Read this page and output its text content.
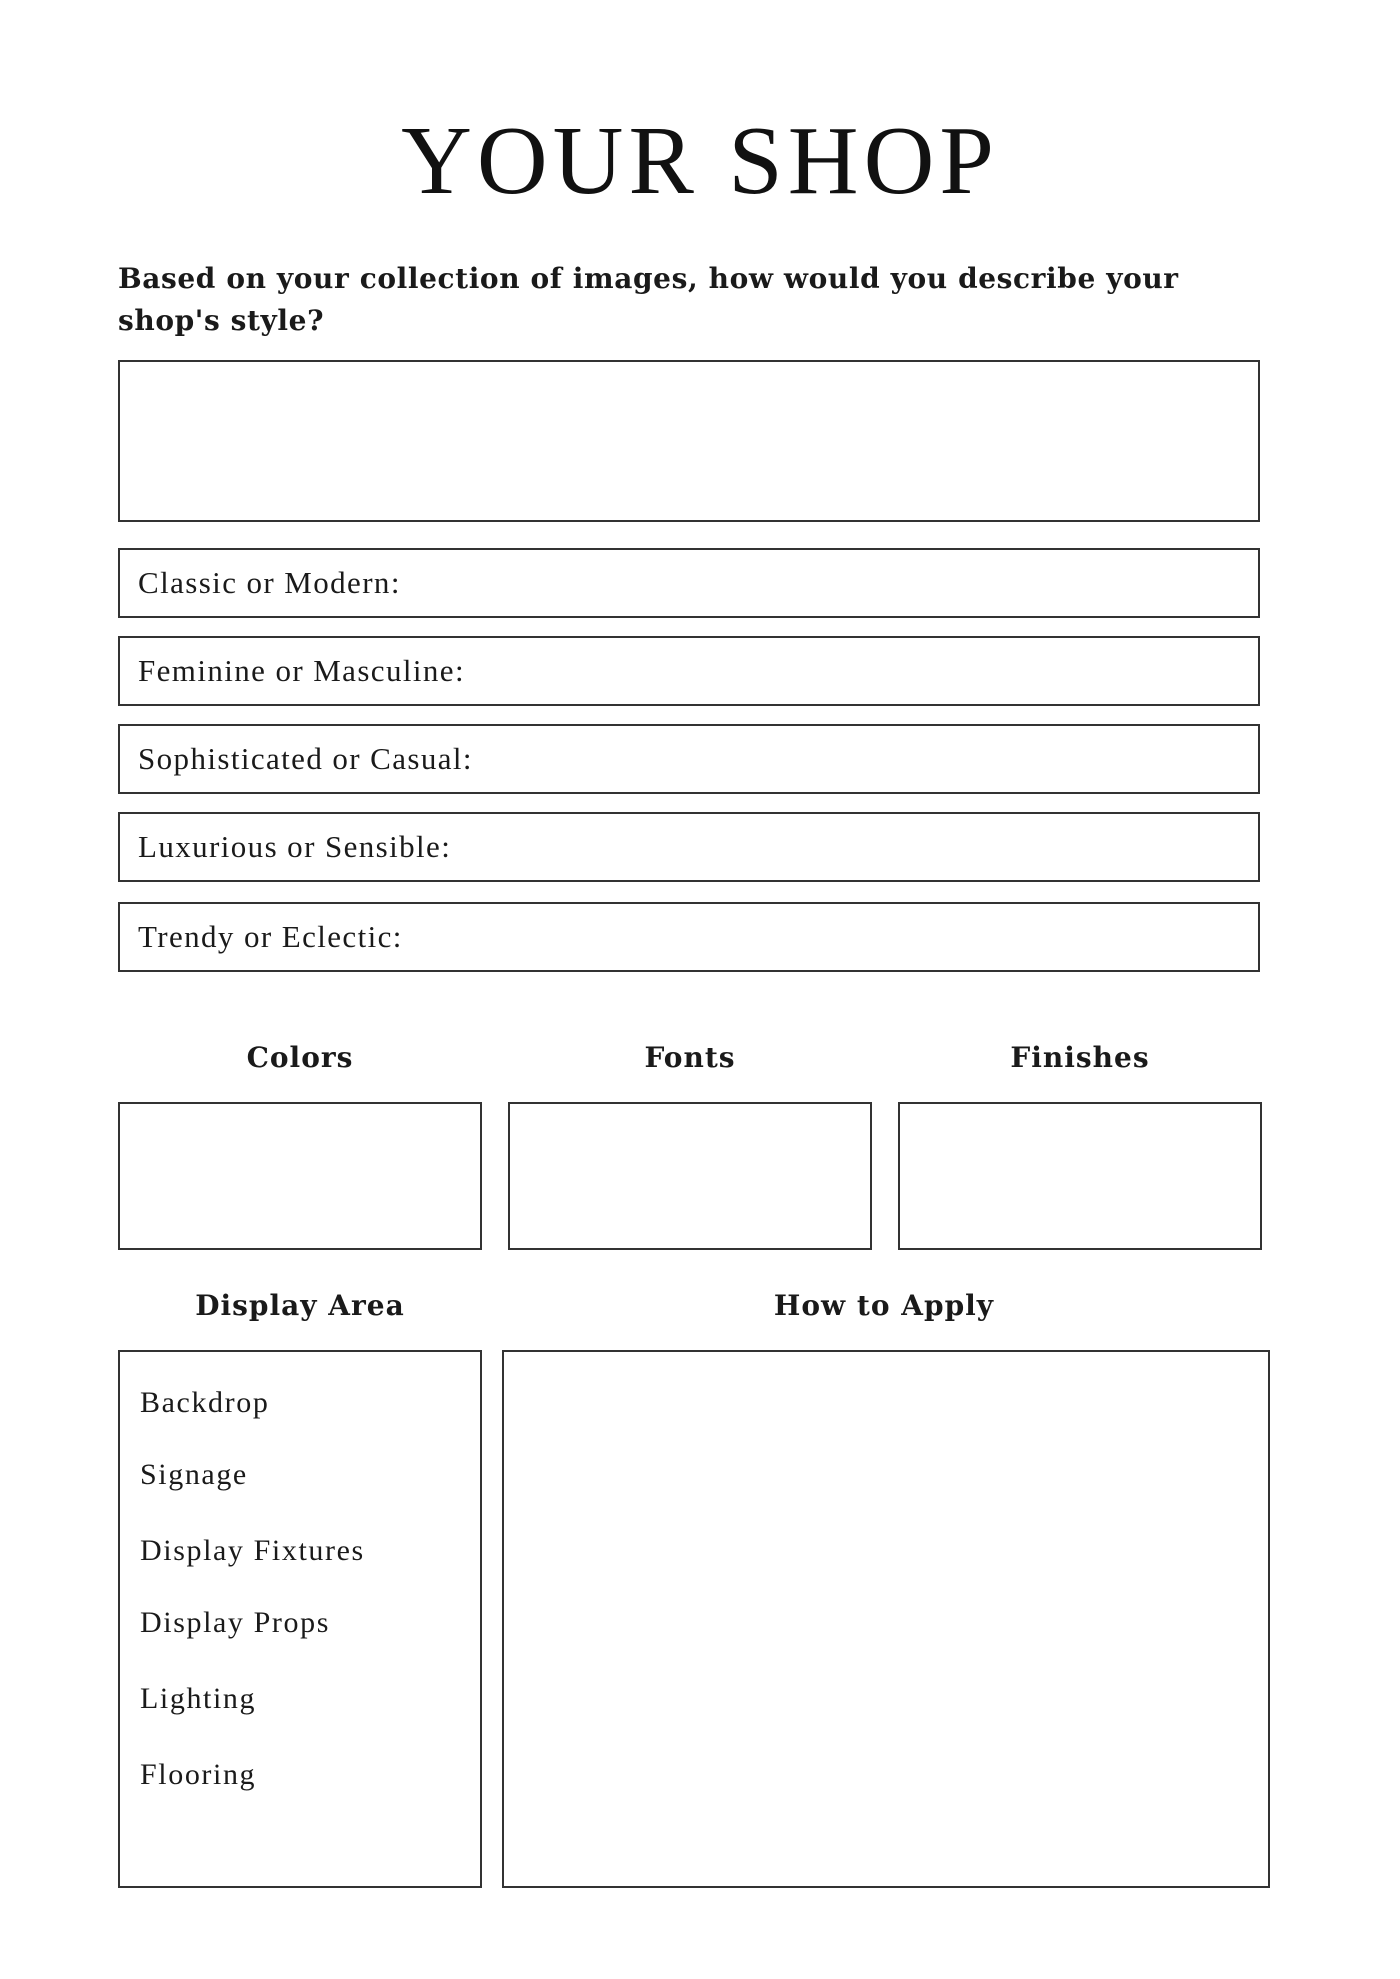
YOUR SHOP
Based on your collection of images, how would you describe your shop's style?
Classic or Modern:
Feminine or Masculine:
Sophisticated or Casual:
Luxurious or Sensible:
Trendy or Eclectic:
Colors	Fonts	Finishes
Display Area	How to Apply
Backdrop
Signage
Display Fixtures
Display Props
Lighting
Flooring
